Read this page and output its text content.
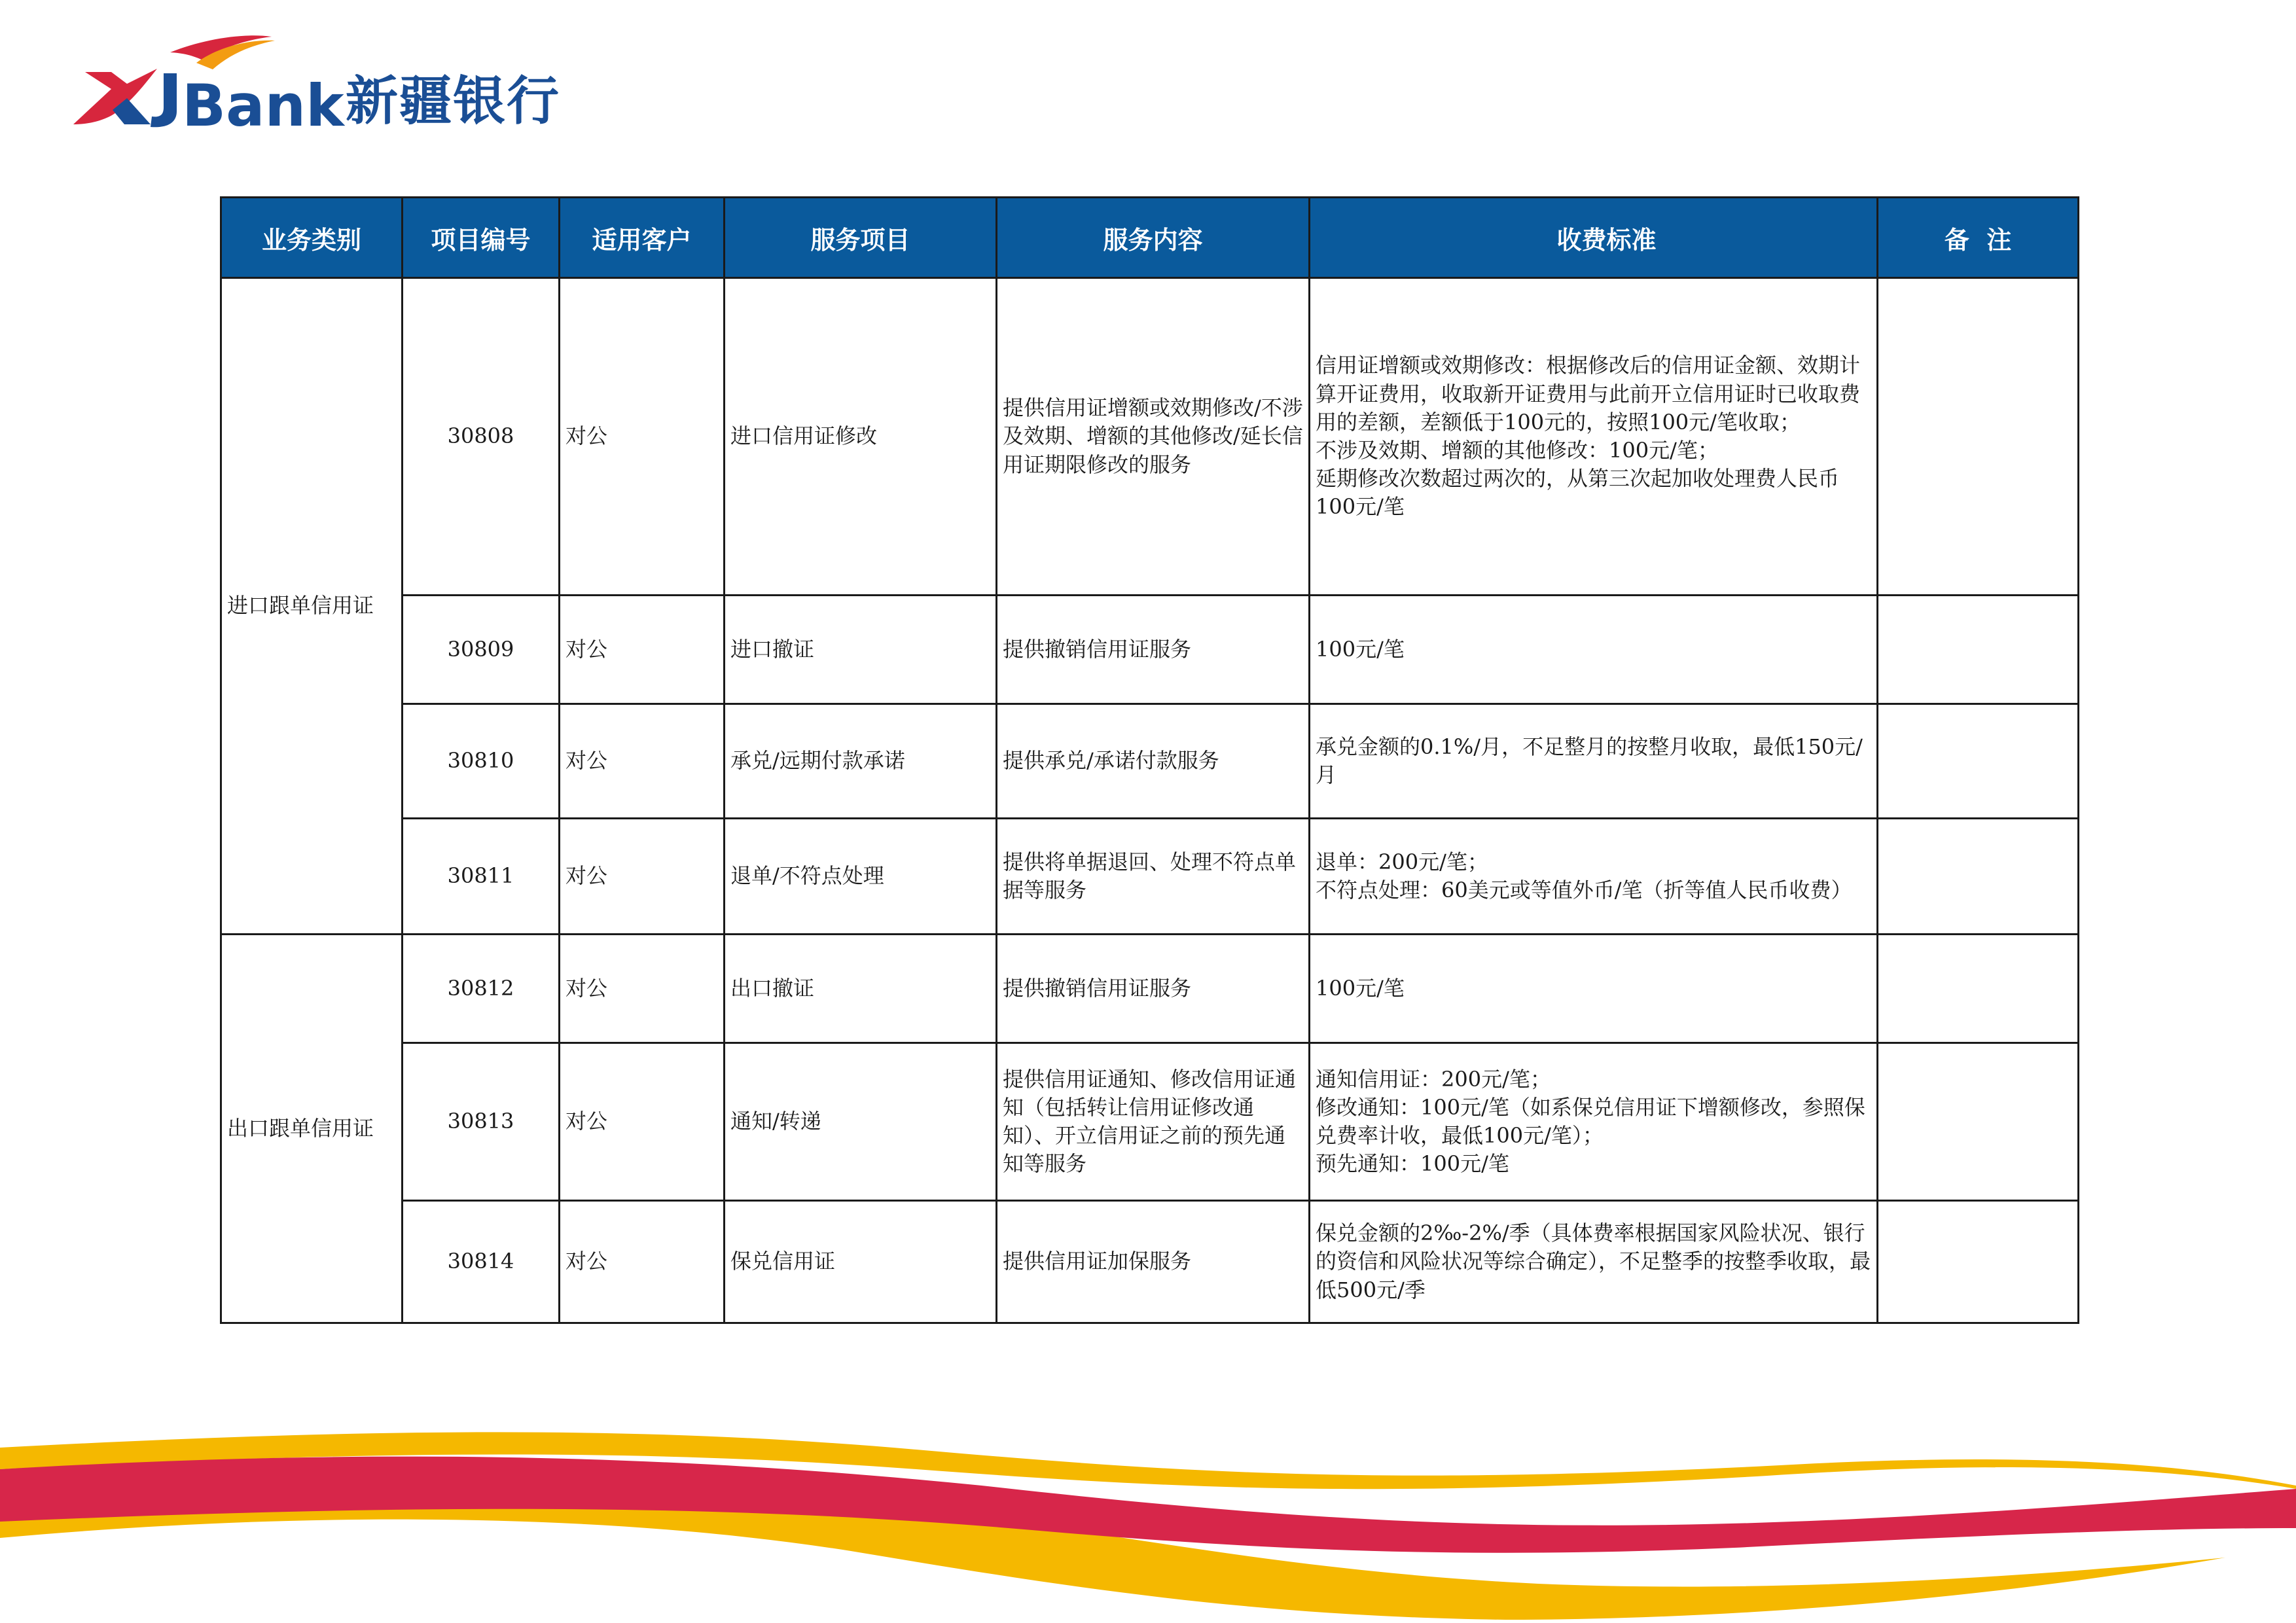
Bank 新疆银行
业务类别	项目编号	适用客户	服务项目	服务内容	收费标准	备  注
进口跟单信用证	30808	对公	进口信用证修改	提供信用证增额或效期修改/不涉及效期、增额的其他修改/延长信用证期限修改的服务	信用证增额或效期修改：根据修改后的信用证金额、效期计算开证费用，收取新开证费用与此前开立信用证时已收取费用的差额，差额低于100元的，按照100元/笔收取；
不涉及效期、增额的其他修改：100元/笔；
延期修改次数超过两次的，从第三次起加收处理费人民币100元/笔	
	30809	对公	进口撤证	提供撤销信用证服务	100元/笔	
	30810	对公	承兑/远期付款承诺	提供承兑/承诺付款服务	承兑金额的0.1%/月，不足整月的按整月收取，最低150元/月	
	30811	对公	退单/不符点处理	提供将单据退回、处理不符点单据等服务	退单：200元/笔；
不符点处理：60美元或等值外币/笔（折等值人民币收费）	
出口跟单信用证	30812	对公	出口撤证	提供撤销信用证服务	100元/笔	
	30813	对公	通知/转递	提供信用证通知、修改信用证通知（包括转让信用证修改通知）、开立信用证之前的预先通知等服务	通知信用证：200元/笔；
修改通知：100元/笔（如系保兑信用证下增额修改，参照保兑费率计收，最低100元/笔）；
预先通知：100元/笔	
	30814	对公	保兑信用证	提供信用证加保服务	保兑金额的2‰-2%/季（具体费率根据国家风险状况、银行的资信和风险状况等综合确定），不足整季的按整季收取，最低500元/季	
